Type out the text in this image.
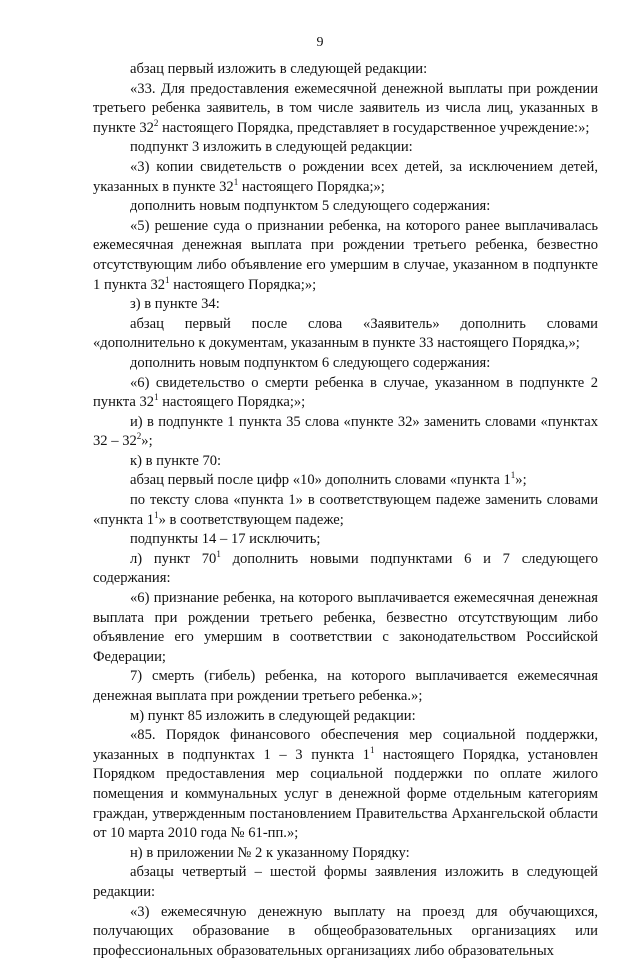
9

абзац первый изложить в следующей редакции:

«33. Для предоставления ежемесячной денежной выплаты при рождении третьего ребенка заявитель, в том числе заявитель из числа лиц, указанных в пункте $32^2$ настоящего Порядка, представляет в государственное учреждение:»;

подпункт 3 изложить в следующей редакции:

«3) копии свидетельств о рождении всех детей, за исключением детей, указанных в пункте $32^1$ настоящего Порядка;»;

дополнить новым подпунктом 5 следующего содержания:

«5) решение суда о признании ребенка, на которого ранее выплачивалась ежемесячная денежная выплата при рождении третьего ребенка, безвестно отсутствующим либо объявление его умершим в случае, указанном в подпункте 1 пункта $32^1$ настоящего Порядка;»;

з) в пункте 34:

абзац первый после слова «Заявитель» дополнить словами «дополнительно к документам, указанным в пункте 33 настоящего Порядка,»;

дополнить новым подпунктом 6 следующего содержания:

«6) свидетельство о смерти ребенка в случае, указанном в подпункте 2 пункта $32^1$ настоящего Порядка;»;

и) в подпункте 1 пункта 35 слова «пункте 32» заменить словами «пунктах $32 - 32^2$»;

к) в пункте 70:

абзац первый после цифр «10» дополнить словами «пункта $1^1$»;

по тексту слова «пункта 1» в соответствующем падеже заменить словами «пункта $1^1$» в соответствующем падеже;

подпункты 14 – 17 исключить;

л) пункт $70^1$ дополнить новыми подпунктами 6 и 7 следующего содержания:

«6) признание ребенка, на которого выплачивается ежемесячная денежная выплата при рождении третьего ребенка, безвестно отсутствующим либо объявление его умершим в соответствии с законодательством Российской Федерации;

7) смерть (гибель) ребенка, на которого выплачивается ежемесячная денежная выплата при рождении третьего ребенка.»;

м) пункт 85 изложить в следующей редакции:

«85. Порядок финансового обеспечения мер социальной поддержки, указанных в подпунктах 1 – 3 пункта $1^1$ настоящего Порядка, установлен Порядком предоставления мер социальной поддержки по оплате жилого помещения и коммунальных услуг в денежной форме отдельным категориям граждан, утвержденным постановлением Правительства Архангельской области от 10 марта 2010 года № 61-пп.»;

н) в приложении № 2 к указанному Порядку:

абзацы четвертый – шестой формы заявления изложить в следующей редакции:

«3) ежемесячную денежную выплату на проезд для обучающихся, получающих образование в общеобразовательных организациях или профессиональных образовательных организациях либо образовательных
